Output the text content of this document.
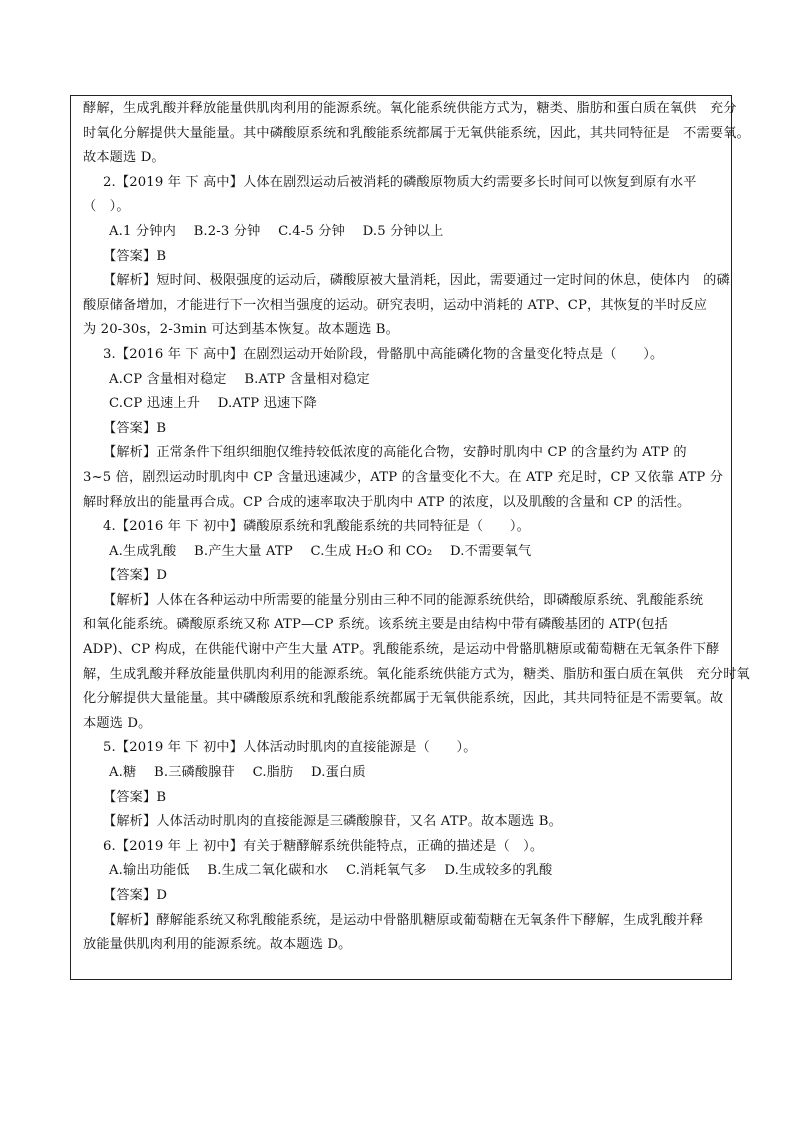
酵解，生成乳酸并释放能量供肌肉利用的能源系统。氧化能系统供能方式为，糖类、脂肪和蛋白质在氧供　充分

时氧化分解提供大量能量。其中磷酸原系统和乳酸能系统都属于无氧供能系统，因此，其共同特征是　不需要氧。

故本题选 D。

2.【2019 年 下 高中】人体在剧烈运动后被消耗的磷酸原物质大约需要多长时间可以恢复到原有水平

（　）。

A.1 分钟内　 B.2-3 分钟　 C.4-5 分钟　 D.5 分钟以上

【答案】B

【解析】短时间、极限强度的运动后，磷酸原被大量消耗，因此，需要通过一定时间的休息，使体内　的磷

酸原储备增加，才能进行下一次相当强度的运动。研究表明，运动中消耗的 ATP、CP，其恢复的半时反应

为 20-30s，2-3min 可达到基本恢复。故本题选 B。

3.【2016 年 下 高中】在剧烈运动开始阶段，骨骼肌中高能磷化物的含量变化特点是（　　）。

A.CP 含量相对稳定　 B.ATP 含量相对稳定

C.CP 迅速上升　 D.ATP 迅速下降

【答案】B

【解析】正常条件下组织细胞仅维持较低浓度的高能化合物，安静时肌肉中 CP 的含量约为 ATP 的

3~5 倍，剧烈运动时肌肉中 CP 含量迅速减少，ATP 的含量变化不大。在 ATP 充足时，CP 又依靠 ATP 分

解时释放出的能量再合成。CP 合成的速率取决于肌肉中 ATP 的浓度，以及肌酸的含量和 CP 的活性。

4.【2016 年 下 初中】磷酸原系统和乳酸能系统的共同特征是（　　）。

A.生成乳酸　 B.产生大量 ATP　 C.生成 H₂O 和 CO₂　 D.不需要氧气

【答案】D

【解析】人体在各种运动中所需要的能量分别由三种不同的能源系统供给，即磷酸原系统、乳酸能系统

和氧化能系统。磷酸原系统又称 ATP—CP 系统。该系统主要是由结构中带有磷酸基团的 ATP(包括

ADP)、CP 构成，在供能代谢中产生大量 ATP。乳酸能系统，是运动中骨骼肌糖原或葡萄糖在无氧条件下酵

解，生成乳酸并释放能量供肌肉利用的能源系统。氧化能系统供能方式为，糖类、脂肪和蛋白质在氧供　充分时氧

化分解提供大量能量。其中磷酸原系统和乳酸能系统都属于无氧供能系统，因此，其共同特征是不需要氧。故

本题选 D。

5.【2019 年 下 初中】人体活动时肌肉的直接能源是（　　）。

A.糖　 B.三磷酸腺苷　 C.脂肪　 D.蛋白质

【答案】B

【解析】人体活动时肌肉的直接能源是三磷酸腺苷，又名 ATP。故本题选 B。

6.【2019 年 上 初中】有关于糖酵解系统供能特点，正确的描述是（　）。

A.输出功能低　 B.生成二氧化碳和水　 C.消耗氧气多　 D.生成较多的乳酸

【答案】D

【解析】酵解能系统又称乳酸能系统，是运动中骨骼肌糖原或葡萄糖在无氧条件下酵解，生成乳酸并释

放能量供肌肉利用的能源系统。故本题选 D。
